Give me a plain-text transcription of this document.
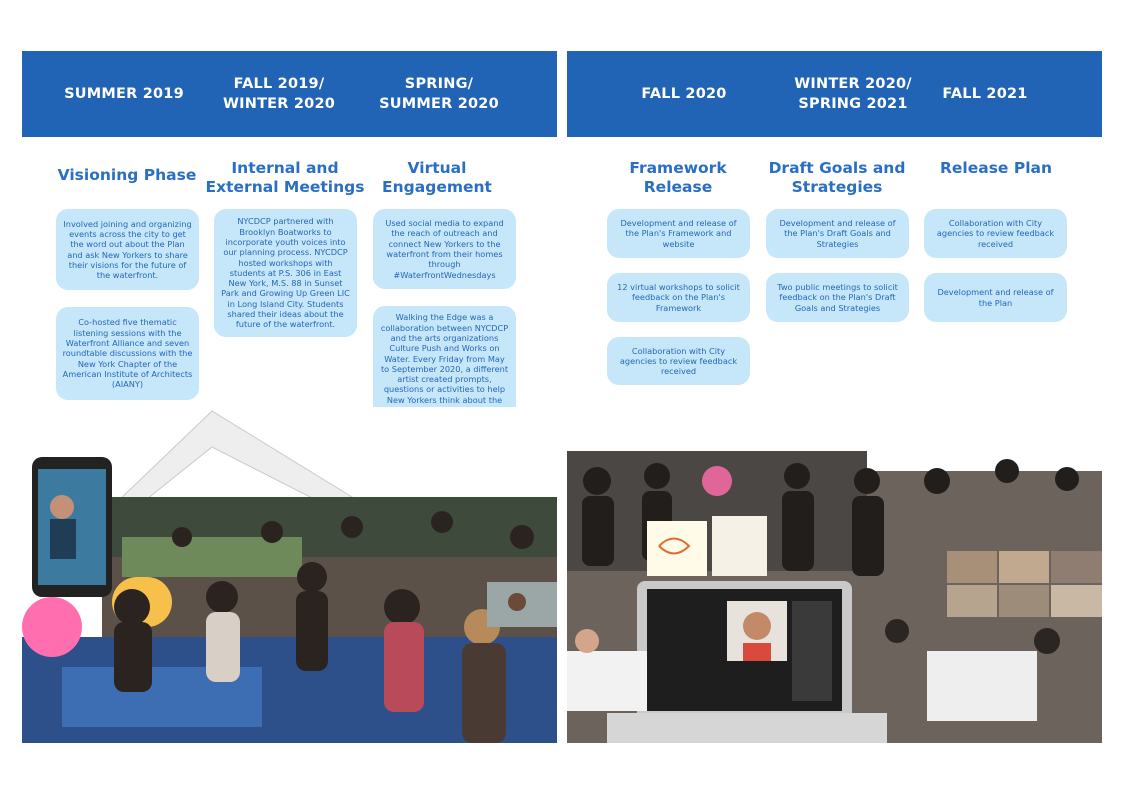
SUMMER 2019
FALL 2019/
WINTER 2020
SPRING/
SUMMER 2020
Visioning Phase	Internal and
External Meetings
Virtual
Engagement
Involved joining and organizing events across the city to get the word out about the Plan and ask New Yorkers to share their visions for the future of the waterfront.
Co-hosted five thematic listening sessions with the Waterfront Alliance and seven roundtable discussions with the New York Chapter of the American Institute of Architects (AIANY)
NYCDCP partnered with Brooklyn Boatworks to incorporate youth voices into our planning process. NYCDCP hosted workshops with students at P.S. 306 in East New York, M.S. 88 in Sunset Park and Growing Up Green LIC in Long Island City. Students shared their ideas about the future of the waterfront.
Used social media to expand the reach of outreach and connect New Yorkers to the waterfront from their homes through #WaterfrontWednesdays
Walking the Edge was a collaboration between NYCDCP and the arts organizations Culture Push and Works on Water. Every Friday from May to September 2020, a different artist created prompts, questions or activities to help New Yorkers think about the
FALL 2020
WINTER 2020/
SPRING 2021
FALL 2021
Framework
Release
Draft Goals and
Strategies
Release Plan
Development and release of the Plan's Framework and website
12 virtual workshops to solicit feedback on the Plan's Framework
Collaboration with City agencies to review feedback received
Development and release of the Plan's Draft Goals and Strategies
Two public meetings to solicit feedback on the Plan's Draft Goals and Strategies
Collaboration with City agencies to review feedback received
Development and release of the Plan
